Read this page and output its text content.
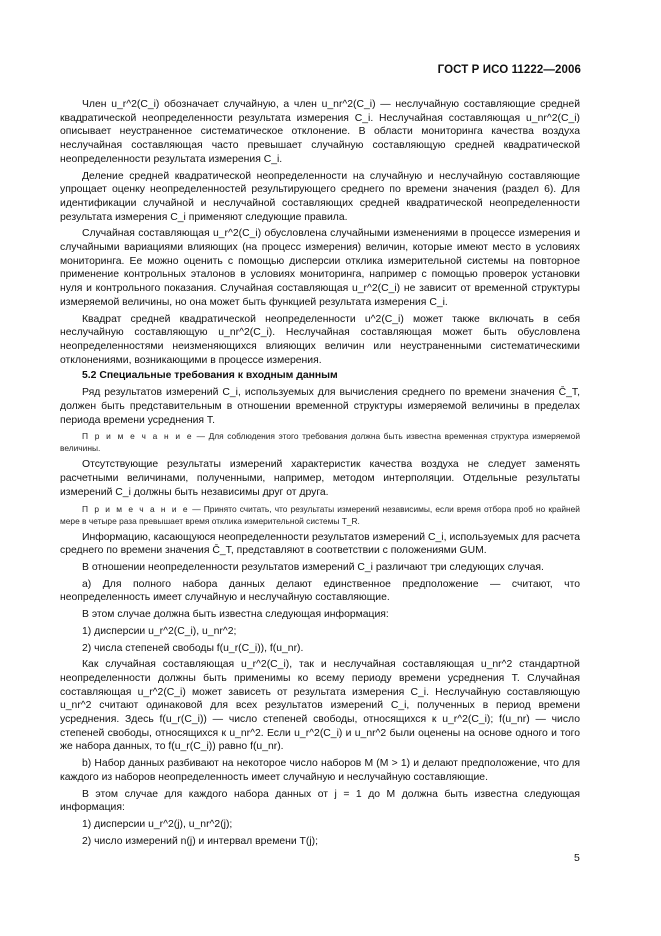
ГОСТ Р ИСО 11222—2006

Член u_r^2(C_i) обозначает случайную, а член u_nr^2(C_i) — неслучайную составляющие средней квадратической неопределенности результата измерения C_i. Неслучайная составляющая u_nr^2(C_i) описывает неустраненное систематическое отклонение. В области мониторинга качества воздуха неслучайная составляющая часто превышает случайную составляющую средней квадратической неопределенности результата измерения C_i.

Деление средней квадратической неопределенности на случайную и неслучайную составляющие упрощает оценку неопределенностей результирующего среднего по времени значения (раздел 6). Для идентификации случайной и неслучайной составляющих средней квадратической неопределенности результата измерения C_i применяют следующие правила.

Случайная составляющая u_r^2(C_i) обусловлена случайными изменениями в процессе измерения и случайными вариациями влияющих (на процесс измерения) величин, которые имеют место в условиях мониторинга. Ее можно оценить с помощью дисперсии отклика измерительной системы на повторное применение контрольных эталонов в условиях мониторинга, например с помощью проверок установки нуля и контрольного показания. Случайная составляющая u_r^2(C_i) не зависит от временной структуры измеряемой величины, но она может быть функцией результата измерения C_i.

Квадрат средней квадратической неопределенности u^2(C_i) может также включать в себя неслучайную составляющую u_nr^2(C_i). Неслучайная составляющая может быть обусловлена неопределенностями неизменяющихся влияющих величин или неустраненными систематическими отклонениями, возникающими в процессе измерения.

5.2 Специальные требования к входным данным

Ряд результатов измерений C_i, используемых для вычисления среднего по времени значения C̄_T, должен быть представительным в отношении временной структуры измеряемой величины в пределах периода времени усреднения T.

П р и м е ч а н и е — Для соблюдения этого требования должна быть известна временная структура измеряемой величины.

Отсутствующие результаты измерений характеристик качества воздуха не следует заменять расчетными величинами, полученными, например, методом интерполяции. Отдельные результаты измерений C_i должны быть независимы друг от друга.

П р и м е ч а н и е — Принято считать, что результаты измерений независимы, если время отбора проб но крайней мере в четыре раза превышает время отклика измерительной системы T_R.

Информацию, касающуюся неопределенности результатов измерений C_i, используемых для расчета среднего по времени значения C̄_T, представляют в соответствии с положениями GUM.

В отношении неопределенности результатов измерений C_i различают три следующих случая.

а) Для полного набора данных делают единственное предположение — считают, что неопределенность имеет случайную и неслучайную составляющие.

В этом случае должна быть известна следующая информация:

1) дисперсии u_r^2(C_i), u_nr^2;

2) числа степеней свободы f(u_r(C_i)), f(u_nr).

Как случайная составляющая u_r^2(C_i), так и неслучайная составляющая u_nr^2 стандартной неопределенности должны быть применимы ко всему периоду времени усреднения T. Случайная составляющая u_r^2(C_i) может зависеть от результата измерения C_i. Неслучайную составляющую u_nr^2 считают одинаковой для всех результатов измерений C_i, полученных в период времени усреднения. Здесь f(u_r(C_i)) — число степеней свободы, относящихся к u_r^2(C_i); f(u_nr) — число степеней свободы, относящихся к u_nr^2. Если u_r^2(C_i) и u_nr^2 были оценены на основе одного и того же набора данных, то f(u_r(C_i)) равно f(u_nr).

b) Набор данных разбивают на некоторое число наборов M (M > 1) и делают предположение, что для каждого из наборов неопределенность имеет случайную и неслучайную составляющие.

В этом случае для каждого набора данных от j = 1 до M должна быть известна следующая информация:

1) дисперсии u_r^2(j), u_nr^2(j);

2) число измерений n(j) и интервал времени T(j);

5
